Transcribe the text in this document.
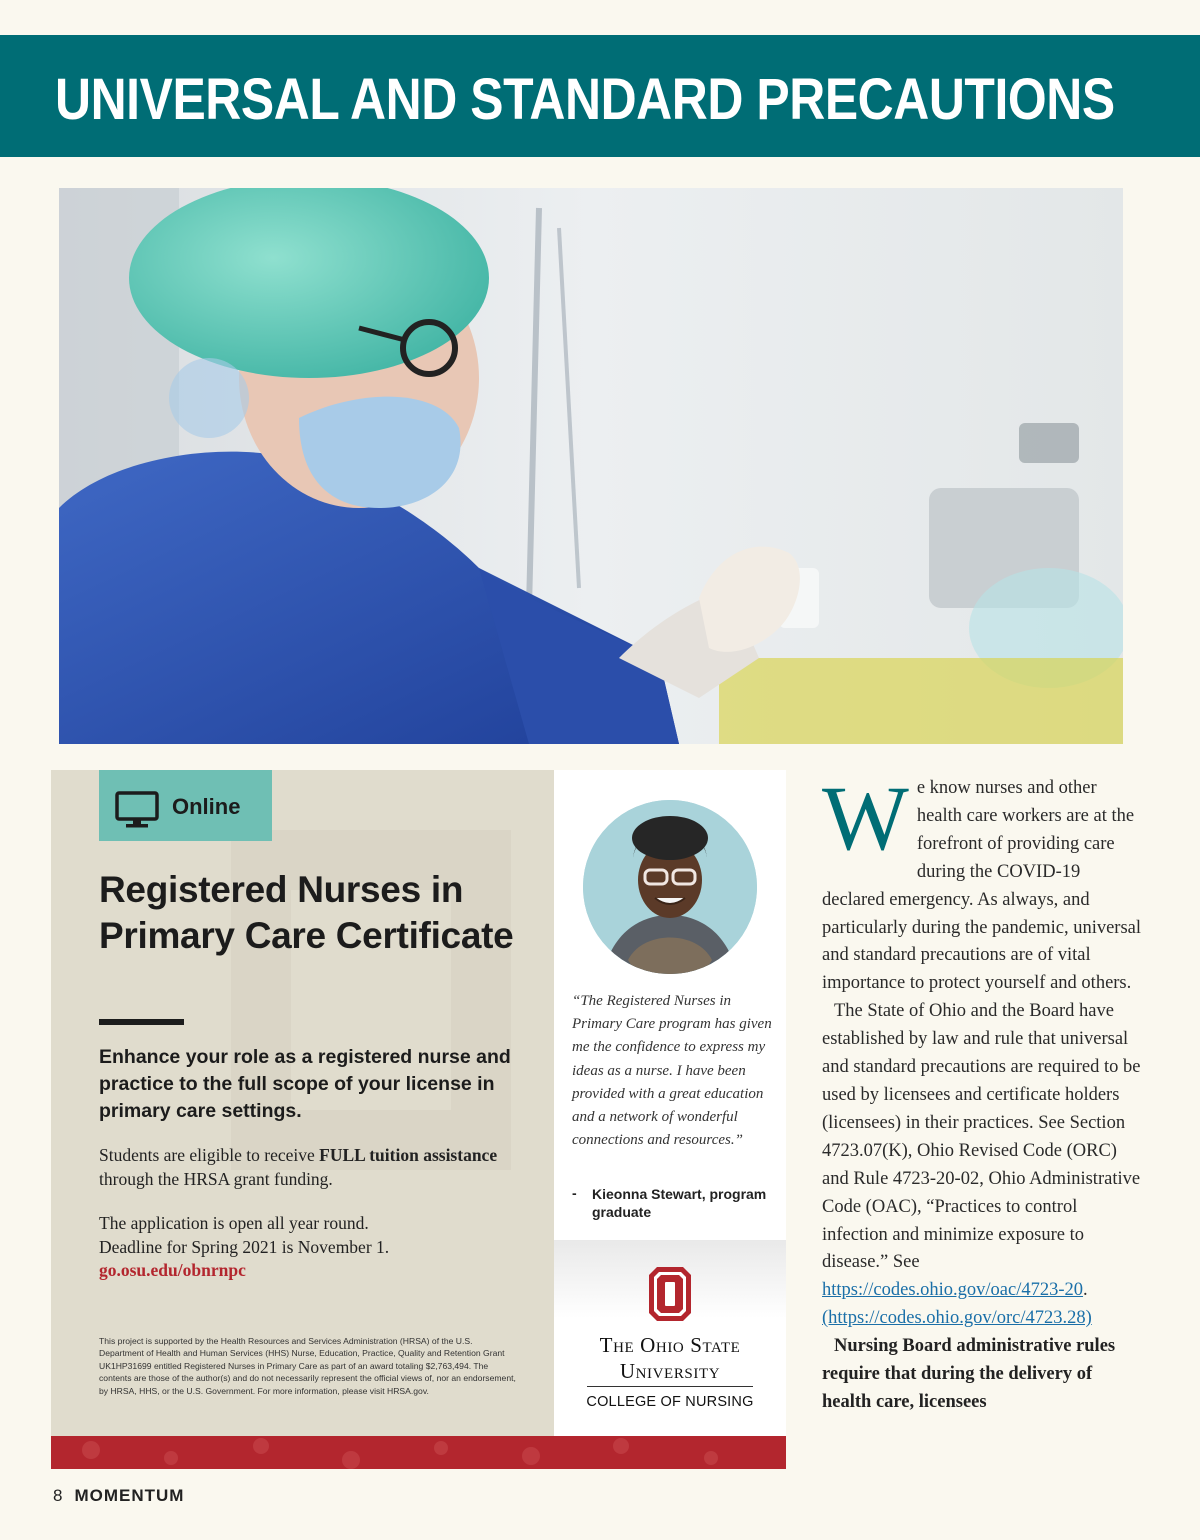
UNIVERSAL AND STANDARD PRECAUTIONS
Online
Registered Nurses in Primary Care Certificate
Enhance your role as a registered nurse and practice to the full scope of your license in primary care settings.
Students are eligible to receive FULL tuition assistance through the HRSA grant funding.
The application is open all year round.
Deadline for Spring 2021 is November 1.
go.osu.edu/obnrnpc
This project is supported by the Health Resources and Services Administration (HRSA) of the U.S. Department of Health and Human Services (HHS) Nurse, Education, Practice, Quality and Retention Grant UK1HP31699 entitled Registered Nurses in Primary Care as part of an award totaling $2,763,494. The contents are those of the author(s) and do not necessarily represent the official views of, nor an endorsement, by HRSA, HHS, or the U.S. Government. For more information, please visit HRSA.gov.
“The Registered Nurses in Primary Care program has given me the confidence to express my ideas as a nurse. I have been provided with a great education and a network of wonderful connections and resources.”
- Kieonna Stewart, program graduate
The Ohio State
University
COLLEGE OF NURSING

We know nurses and other health care workers are at the forefront of providing care during the COVID-19 declared emergency. As always, and particularly during the pandemic, universal and standard precautions are of vital importance to protect yourself and others.

The State of Ohio and the Board have established by law and rule that universal and standard precautions are required to be used by licensees and certificate holders (licensees) in their practices. See Section 4723.07(K), Ohio Revised Code (ORC) and Rule 4723-20-02, Ohio Administrative Code (OAC), “Practices to control infection and minimize exposure to disease.” See https://codes.ohio.gov/oac/4723-20. (https://codes.ohio.gov/orc/4723.28)

Nursing Board administrative rules require that during the delivery of health care, licensees

8 MOMENTUM
